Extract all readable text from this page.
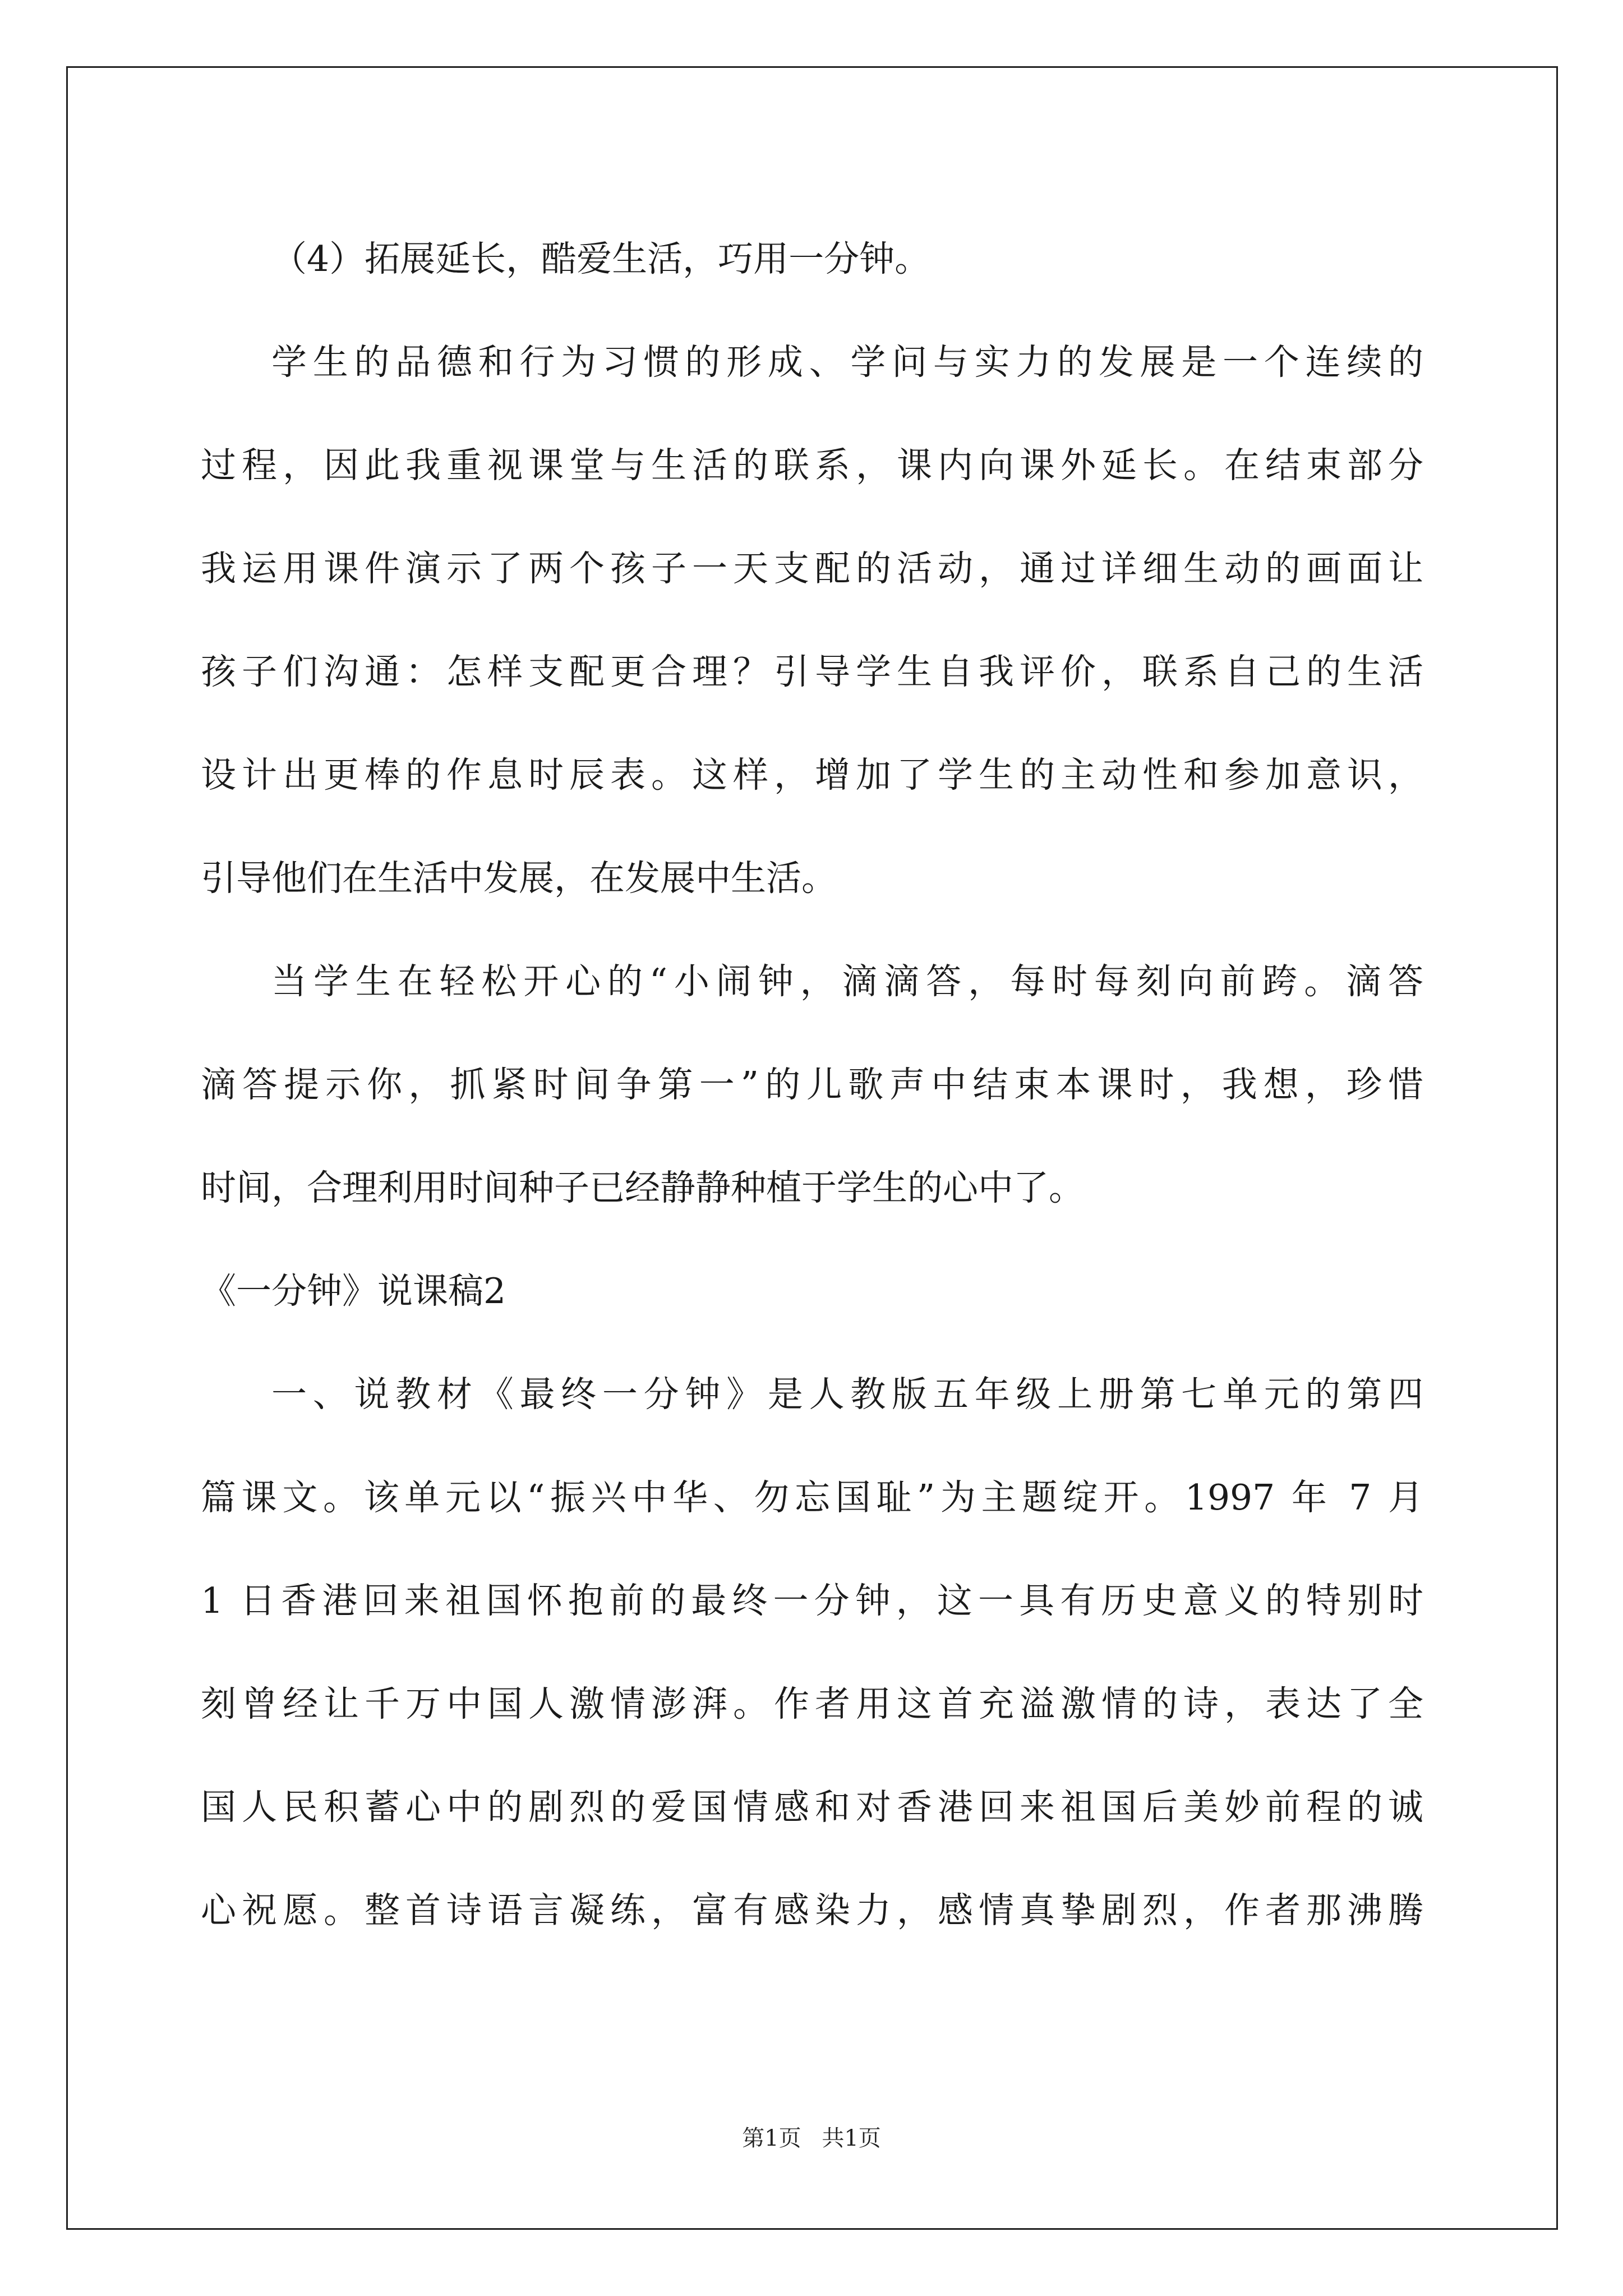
（4）拓展延长，酷爱生活，巧用一分钟。
学生的品德和行为习惯的形成、学问与实力的发展是一个连续的
过程，因此我重视课堂与生活的联系，课内向课外延长。在结束部分
我运用课件演示了两个孩子一天支配的活动，通过详细生动的画面让
孩子们沟通：怎样支配更合理？引导学生自我评价，联系自己的生活
设计出更棒的作息时辰表。这样，增加了学生的主动性和参加意识，
引导他们在生活中发展，在发展中生活。
当学生在轻松开心的“小闹钟，滴滴答，每时每刻向前跨。滴答
滴答提示你，抓紧时间争第一”的儿歌声中结束本课时，我想，珍惜
时间，合理利用时间种子已经静静种植于学生的心中了。
《一分钟》说课稿2
一、说教材《最终一分钟》是人教版五年级上册第七单元的第四
篇课文。该单元以“振兴中华、勿忘国耻”为主题绽开。1997 年 7 月
1 日香港回来祖国怀抱前的最终一分钟，这一具有历史意义的特别时
刻曾经让千万中国人激情澎湃。作者用这首充溢激情的诗，表达了全
国人民积蓄心中的剧烈的爱国情感和对香港回来祖国后美妙前程的诚
心祝愿。整首诗语言凝练，富有感染力，感情真挚剧烈，作者那沸腾
第1页 共1页
